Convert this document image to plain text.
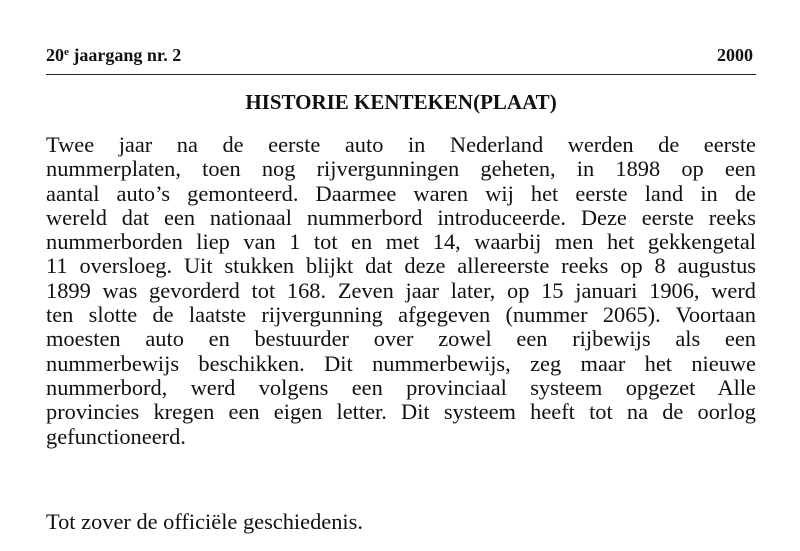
20e jaargang nr. 2	2000
HISTORIE KENTEKEN(PLAAT)
Twee jaar na de eerste auto in Nederland werden de eerste
nummerplaten, toen nog rijvergunningen geheten, in 1898 op een
aantal auto’s gemonteerd. Daarmee waren wij het eerste land in de
wereld dat een nationaal nummerbord introduceerde. Deze eerste reeks
nummerborden liep van 1 tot en met 14, waarbij men het gekkengetal
11 oversloeg. Uit stukken blijkt dat deze allereerste reeks op 8 augustus
1899 was gevorderd tot 168. Zeven jaar later, op 15 januari 1906, werd
ten slotte de laatste rijvergunning afgegeven (nummer 2065). Voortaan
moesten auto en bestuurder over zowel een rijbewijs als een
nummerbewijs beschikken. Dit nummerbewijs, zeg maar het nieuwe
nummerbord, werd volgens een provinciaal systeem opgezet Alle
provincies kregen een eigen letter. Dit systeem heeft tot na de oorlog
gefunctioneerd.

Tot zover de officiële geschiedenis.
